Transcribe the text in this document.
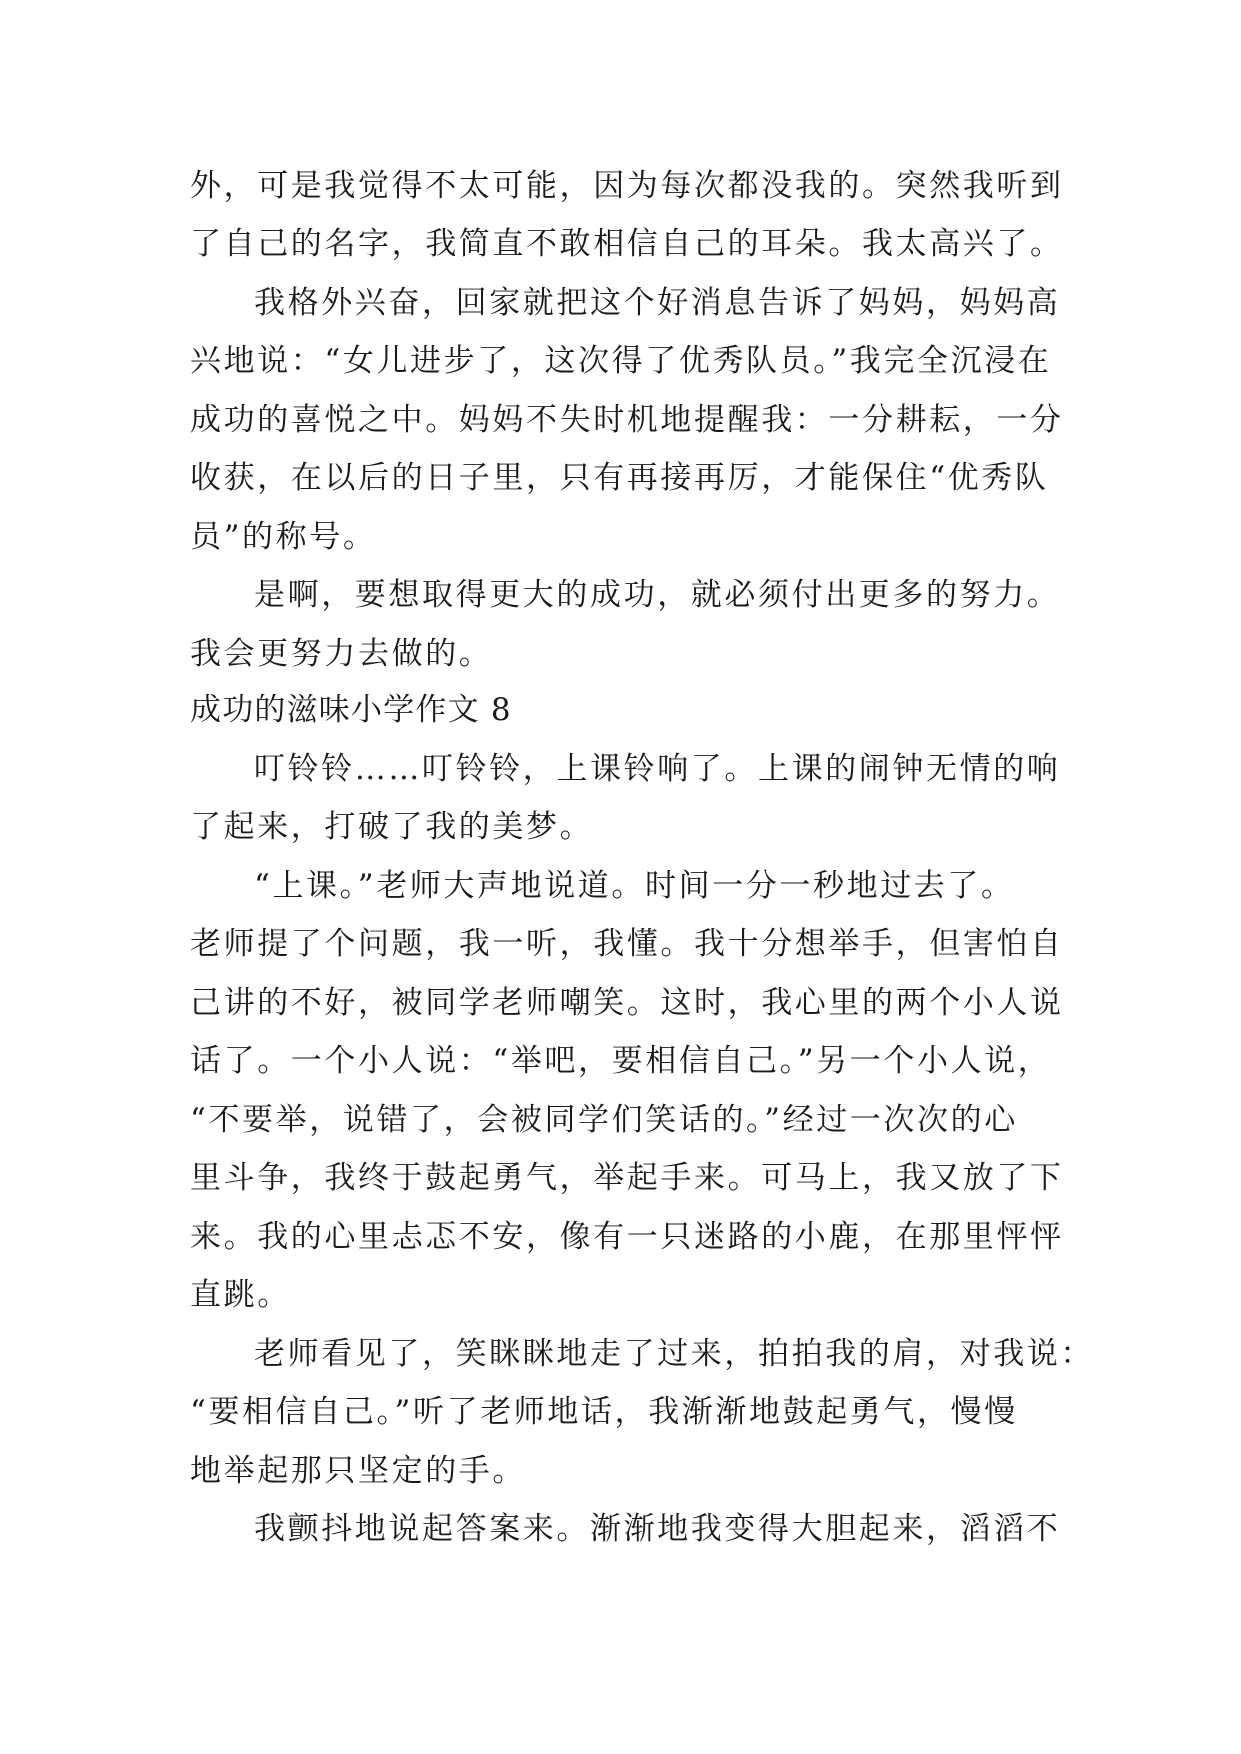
外，可是我觉得不太可能，因为每次都没我的。突然我听到
了自己的名字，我简直不敢相信自己的耳朵。我太高兴了。
我格外兴奋，回家就把这个好消息告诉了妈妈，妈妈高
兴地说：“女儿进步了，这次得了优秀队员。”我完全沉浸在
成功的喜悦之中。妈妈不失时机地提醒我：一分耕耘，一分
收获，在以后的日子里，只有再接再厉，才能保住“优秀队
员”的称号。
是啊，要想取得更大的成功，就必须付出更多的努力。
我会更努力去做的。
成功的滋味小学作文 8
叮铃铃……叮铃铃，上课铃响了。上课的闹钟无情的响
了起来，打破了我的美梦。
“上课。”老师大声地说道。时间一分一秒地过去了。
老师提了个问题，我一听，我懂。我十分想举手，但害怕自
己讲的不好，被同学老师嘲笑。这时，我心里的两个小人说
话了。一个小人说：“举吧，要相信自己。”另一个小人说，
“不要举，说错了，会被同学们笑话的。”经过一次次的心
里斗争，我终于鼓起勇气，举起手来。可马上，我又放了下
来。我的心里忐忑不安，像有一只迷路的小鹿，在那里怦怦
直跳。
老师看见了，笑眯眯地走了过来，拍拍我的肩，对我说：
“要相信自己。”听了老师地话，我渐渐地鼓起勇气，慢慢
地举起那只坚定的手。
我颤抖地说起答案来。渐渐地我变得大胆起来，滔滔不
